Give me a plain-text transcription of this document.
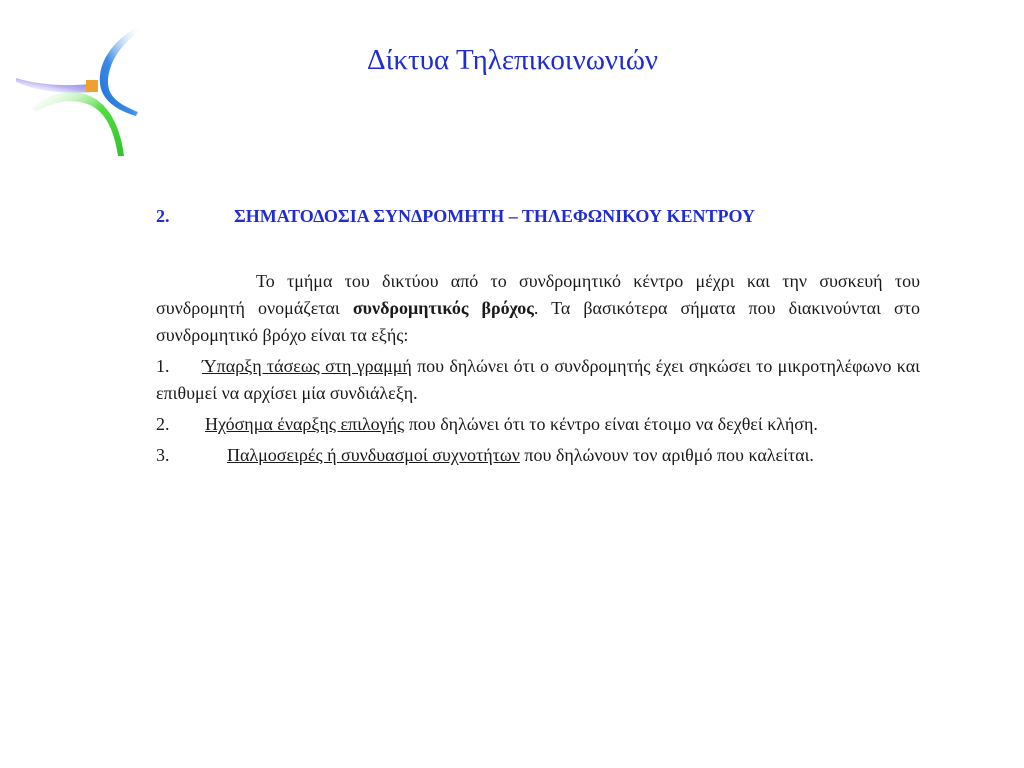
Δίκτυα Τηλεπικοινωνιών
2.	ΣΗΜΑΤΟΔΟΣΙΑ ΣΥΝΔΡΟΜΗΤΗ – ΤΗΛΕΦΩΝΙΚΟΥ ΚΕΝΤΡΟΥ

Το τμήμα του δικτύου από το συνδρομητικό κέντρο μέχρι και την συσκευή του συνδρομητή ονομάζεται συνδρομητικός βρόχος. Τα βασικότερα σήματα που διακινούνται στο συνδρομητικό βρόχο είναι τα εξής:

1. Ύπαρξη τάσεως στη γραμμή που δηλώνει ότι ο συνδρομητής έχει σηκώσει το μικροτηλέφωνο και επιθυμεί να αρχίσει μία συνδιάλεξη.

2. Ηχόσημα έναρξης επιλογής που δηλώνει ότι το κέντρο είναι έτοιμο να δεχθεί κλήση.

3.	Παλμοσειρές ή συνδυασμοί συχνοτήτων που δηλώνουν τον αριθμό που καλείται.
